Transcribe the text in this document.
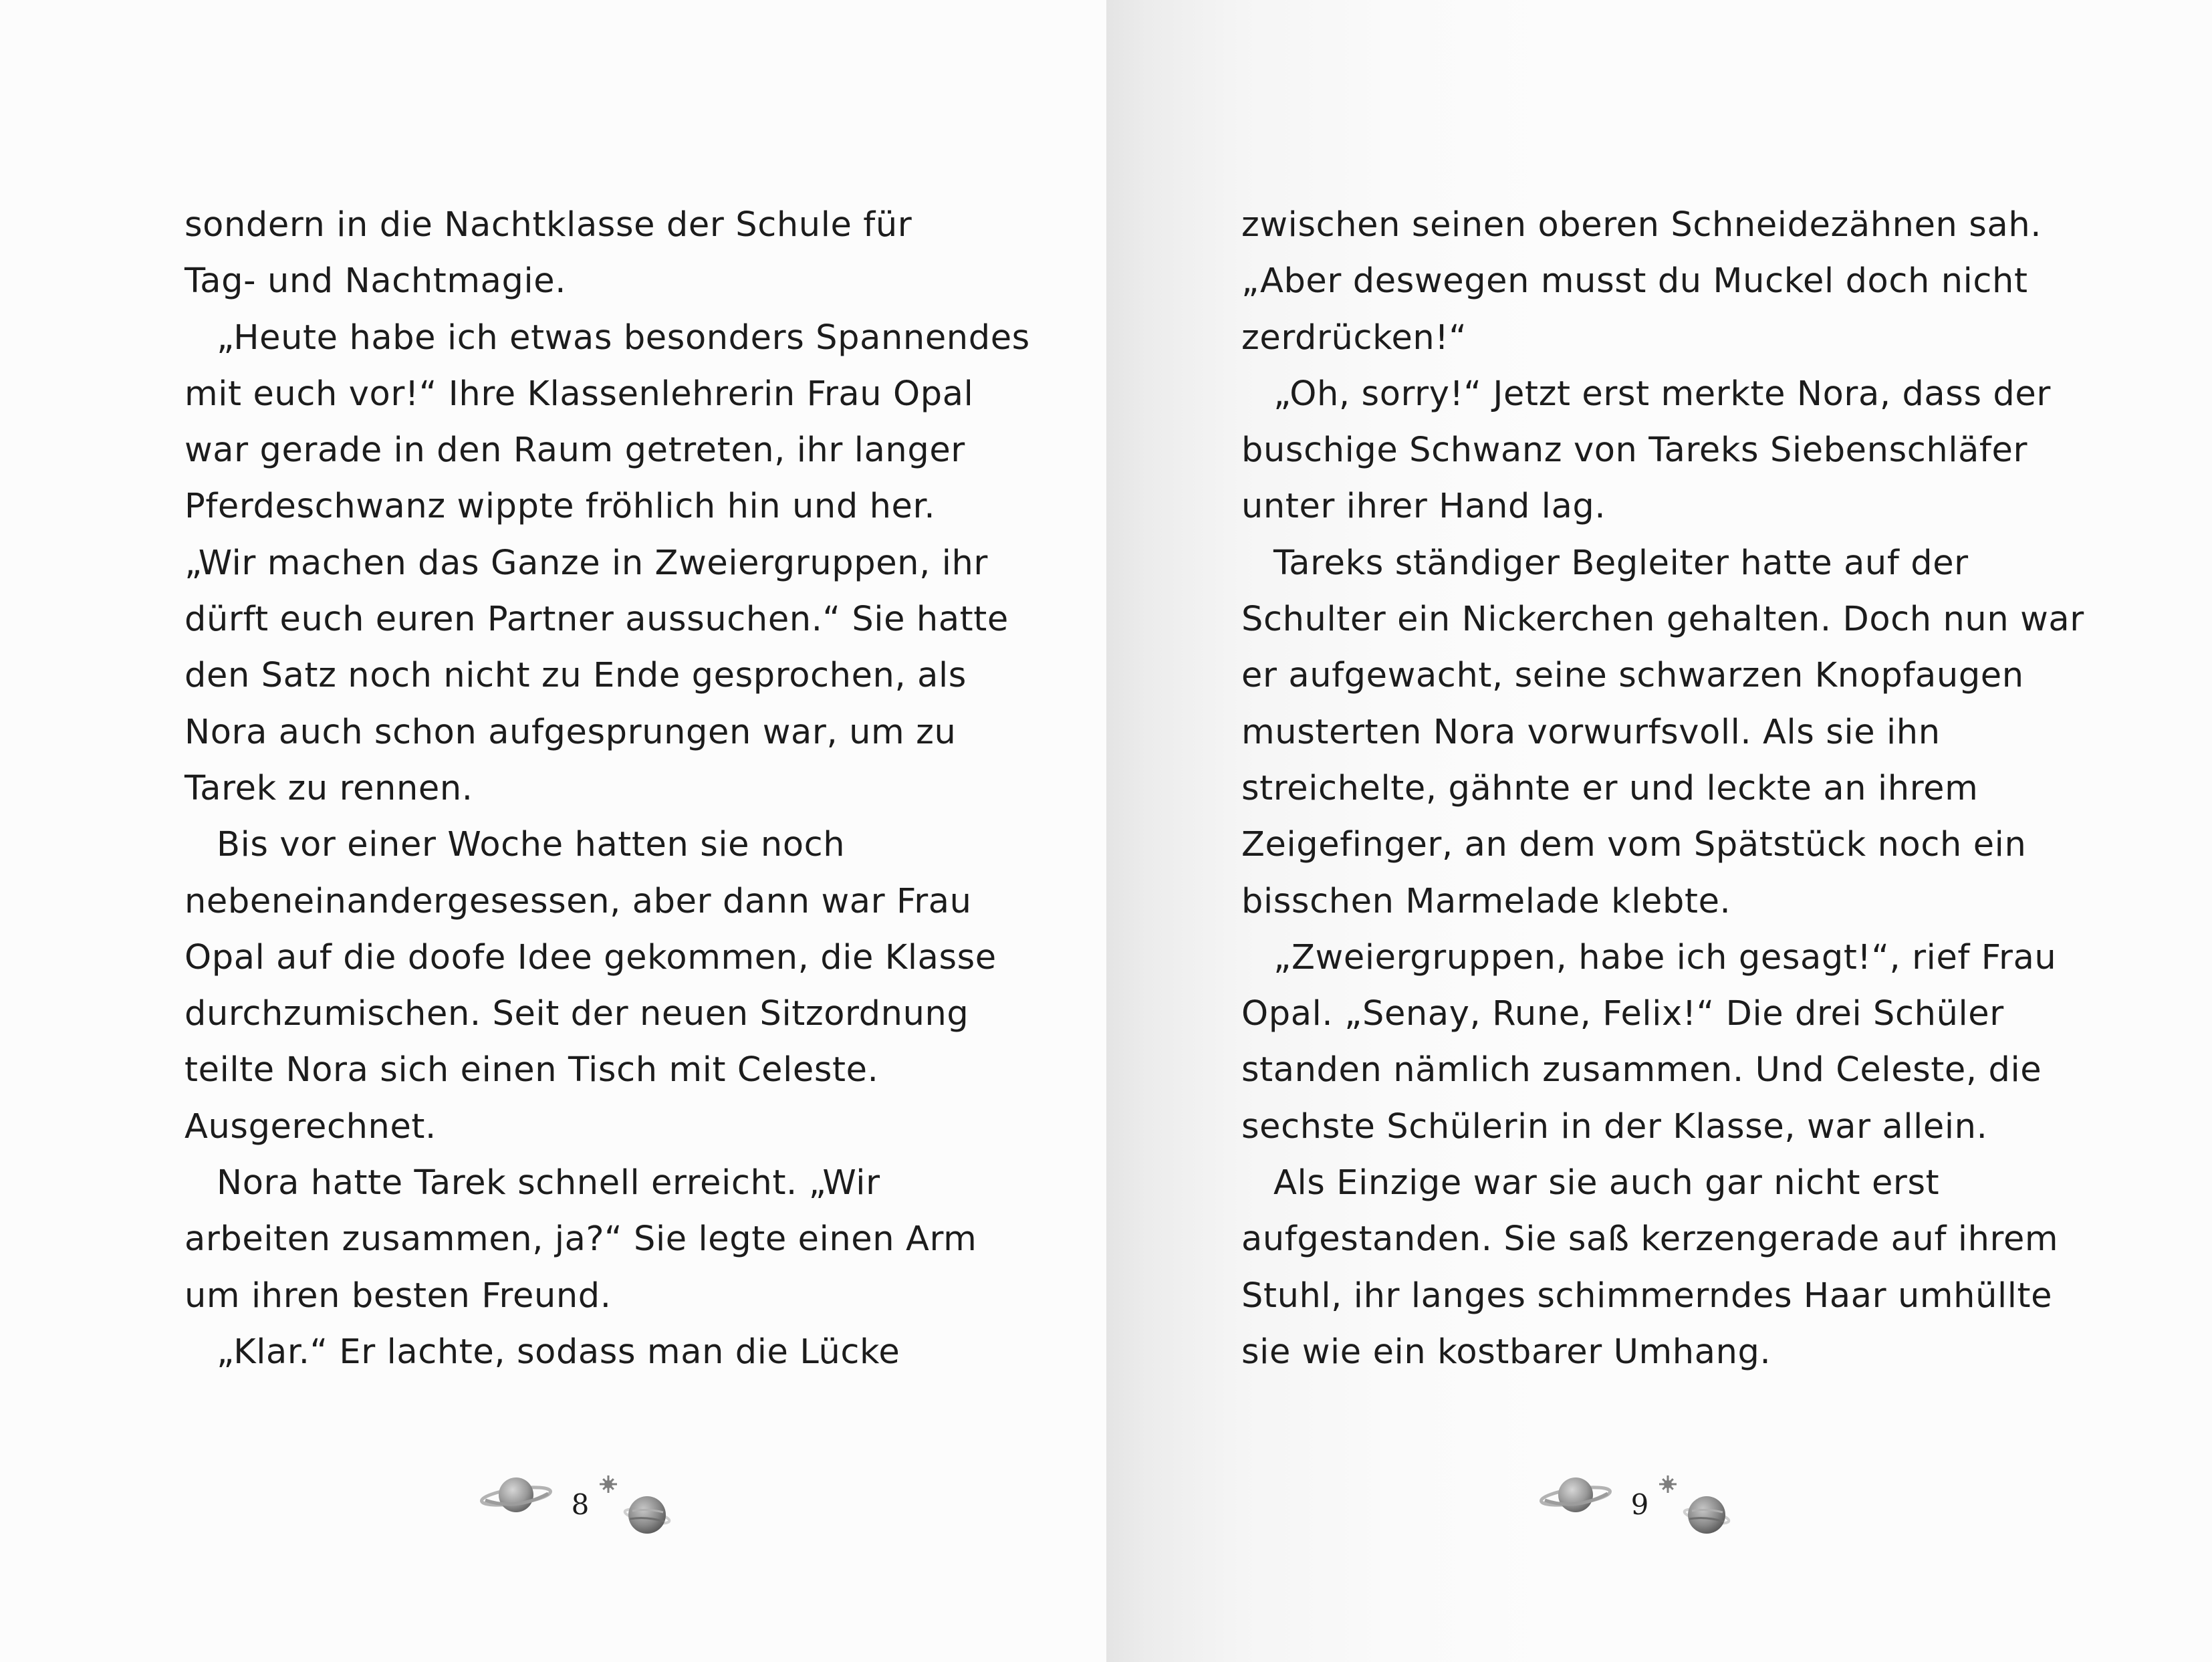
sondern in die Nachtklasse der Schule für
Tag- und Nachtmagie.
„Heute habe ich etwas besonders Spannendes
mit euch vor!“ Ihre Klassenlehrerin Frau Opal
war gerade in den Raum getreten, ihr langer
Pferdeschwanz wippte fröhlich hin und her.
„Wir machen das Ganze in Zweiergruppen, ihr
dürft euch euren Partner aussuchen.“ Sie hatte
den Satz noch nicht zu Ende gesprochen, als
Nora auch schon aufgesprungen war, um zu
Tarek zu rennen.
Bis vor einer Woche hatten sie noch
nebeneinandergesessen, aber dann war Frau
Opal auf die doofe Idee gekommen, die Klasse
durchzumischen. Seit der neuen Sitzordnung
teilte Nora sich einen Tisch mit Celeste.
Ausgerechnet.
Nora hatte Tarek schnell erreicht. „Wir
arbeiten zusammen, ja?“ Sie legte einen Arm
um ihren besten Freund.
„Klar.“ Er lachte, sodass man die Lücke
8	9
zwischen seinen oberen Schneidezähnen sah.
„Aber deswegen musst du Muckel doch nicht
zerdrücken!“
„Oh, sorry!“ Jetzt erst merkte Nora, dass der
buschige Schwanz von Tareks Siebenschläfer
unter ihrer Hand lag.
Tareks ständiger Begleiter hatte auf der
Schulter ein Nickerchen gehalten. Doch nun war
er aufgewacht, seine schwarzen Knopfaugen
musterten Nora vorwurfsvoll. Als sie ihn
streichelte, gähnte er und leckte an ihrem
Zeigefinger, an dem vom Spätstück noch ein
bisschen Marmelade klebte.
„Zweiergruppen, habe ich gesagt!“, rief Frau
Opal. „Senay, Rune, Felix!“ Die drei Schüler
standen nämlich zusammen. Und Celeste, die
sechste Schülerin in der Klasse, war allein.
Als Einzige war sie auch gar nicht erst
aufgestanden. Sie saß kerzengerade auf ihrem
Stuhl, ihr langes schimmerndes Haar umhüllte
sie wie ein kostbarer Umhang.
